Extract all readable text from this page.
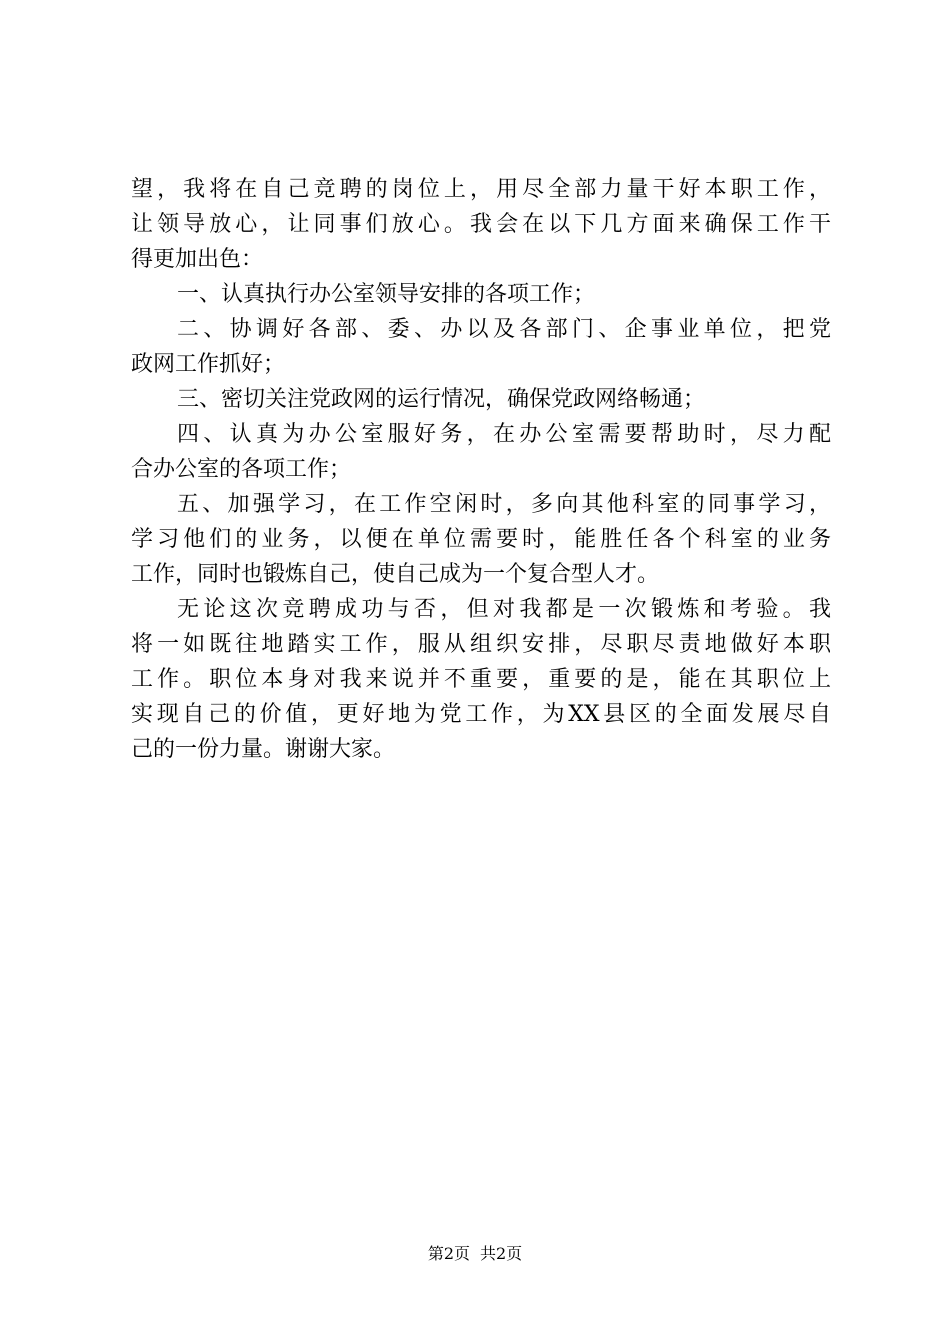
望，我将在自己竞聘的岗位上，用尽全部力量干好本职工作，
让领导放心，让同事们放心。我会在以下几方面来确保工作干
得更加出色：
一、认真执行办公室领导安排的各项工作；
二、协调好各部、委、办以及各部门、企事业单位，把党
政网工作抓好；
三、密切关注党政网的运行情况，确保党政网络畅通；
四、认真为办公室服好务，在办公室需要帮助时，尽力配
合办公室的各项工作；
五、加强学习，在工作空闲时，多向其他科室的同事学习，
学习他们的业务，以便在单位需要时，能胜任各个科室的业务
工作，同时也锻炼自己，使自己成为一个复合型人才。
无论这次竞聘成功与否，但对我都是一次锻炼和考验。我
将一如既往地踏实工作，服从组织安排，尽职尽责地做好本职
工作。职位本身对我来说并不重要，重要的是，能在其职位上
实现自己的价值，更好地为党工作，为XX县区的全面发展尽自
己的一份力量。谢谢大家。
第2页 共2页
